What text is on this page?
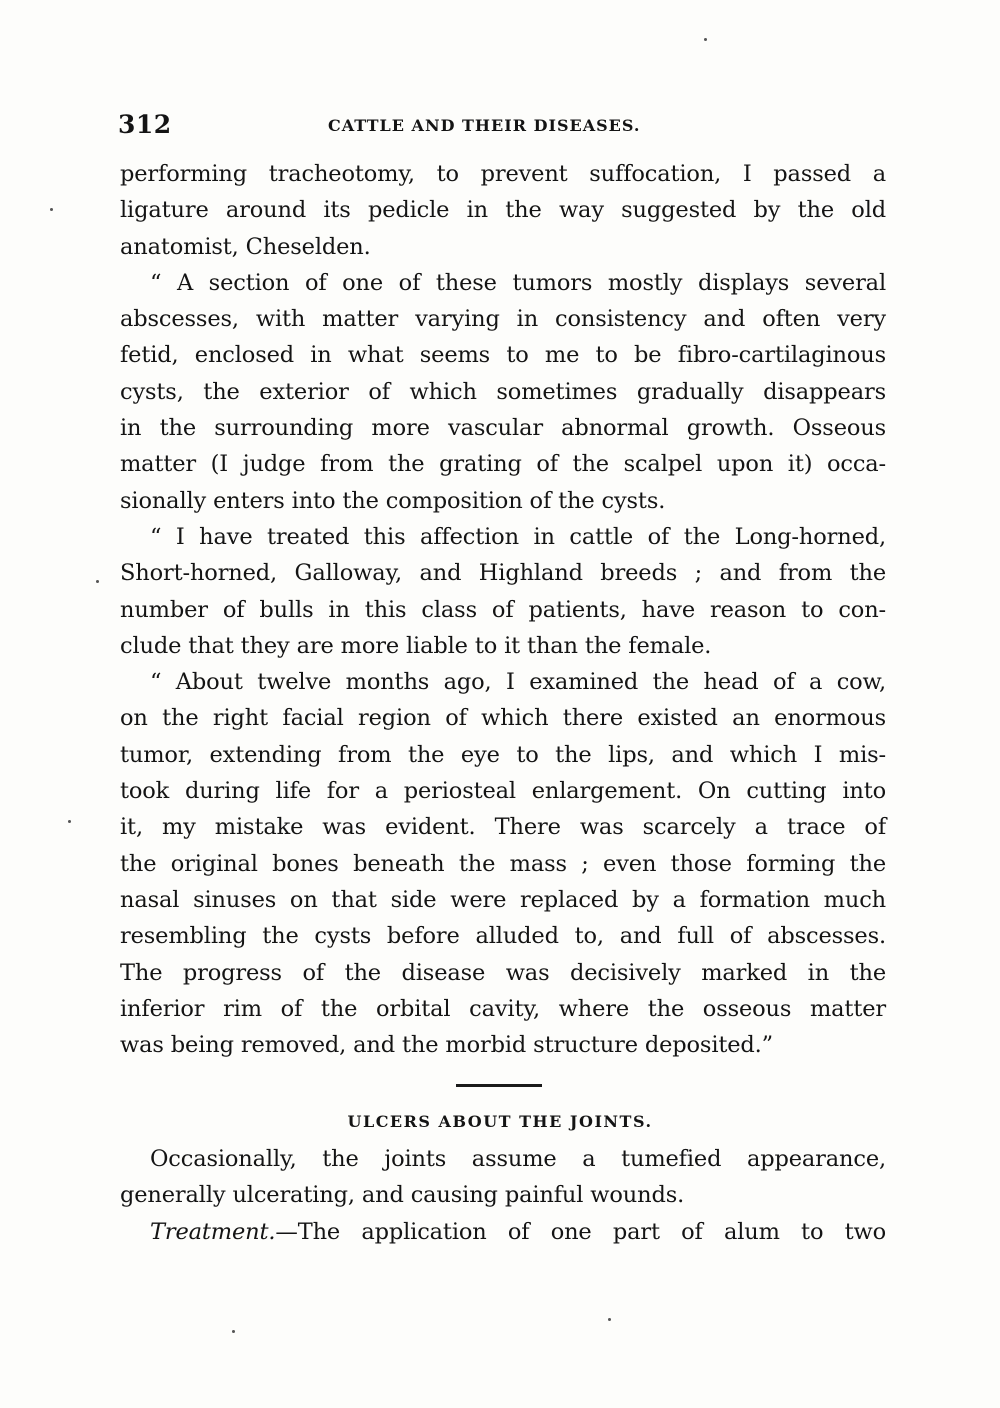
312	CATTLE AND THEIR DISEASES.
performing tracheotomy, to prevent suffocation, I passed a
ligature around its pedicle in the way suggested by the old
anatomist, Cheselden.
“ A section of one of these tumors mostly displays several
abscesses, with matter varying in consistency and often very
fetid, enclosed in what seems to me to be fibro-cartilaginous
cysts, the exterior of which sometimes gradually disappears
in the surrounding more vascular abnormal growth. Osseous
matter (I judge from the grating of the scalpel upon it) occa-
sionally enters into the composition of the cysts.
“ I have treated this affection in cattle of the Long-horned,
Short-horned, Galloway, and Highland breeds ; and from the
number of bulls in this class of patients, have reason to con-
clude that they are more liable to it than the female.
“ About twelve months ago, I examined the head of a cow,
on the right facial region of which there existed an enormous
tumor, extending from the eye to the lips, and which I mis-
took during life for a periosteal enlargement. On cutting into
it, my mistake was evident. There was scarcely a trace of
the original bones beneath the mass ; even those forming the
nasal sinuses on that side were replaced by a formation much
resembling the cysts before alluded to, and full of abscesses.
The progress of the disease was decisively marked in the
inferior rim of the orbital cavity, where the osseous matter
was being removed, and the morbid structure deposited.”
ULCERS ABOUT THE JOINTS.
Occasionally, the joints assume a tumefied appearance,
generally ulcerating, and causing painful wounds.
Treatment.—The application of one part of alum to two
